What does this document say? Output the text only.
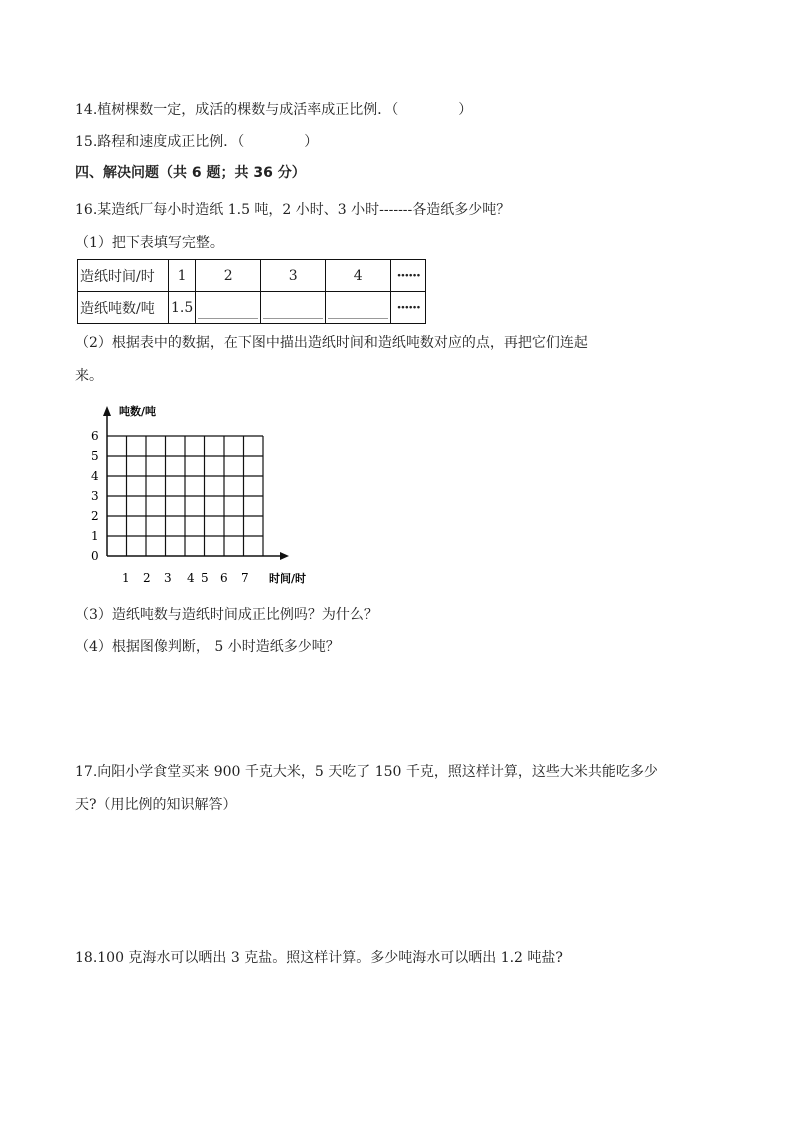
14.植树棵数一定，成活的棵数与成活率成正比例．（	）
15.路程和速度成正比例．（	）
四、解决问题（共 6 题；共 36 分）
16.某造纸厂每小时造纸 1.5 吨，2 小时、3 小时-------各造纸多少吨？
（1）把下表填写完整。
造纸时间/时	1	2	3	4	······
造纸吨数/吨	1.5				······
（2）根据表中的数据，在下图中描出造纸时间和造纸吨数对应的点，再把它们连起
来。
吨数/吨
时间/时
0
1
2
3
4
5
6
1 2 3 4 5 6 7
（3）造纸吨数与造纸时间成正比例吗？为什么？
（4）根据图像判断， 5 小时造纸多少吨？
17.向阳小学食堂买来 900 千克大米，5 天吃了 150 千克，照这样计算，这些大米共能吃多少
天?（用比例的知识解答）
18.100 克海水可以晒出 3 克盐。照这样计算。多少吨海水可以晒出 1.2 吨盐?
